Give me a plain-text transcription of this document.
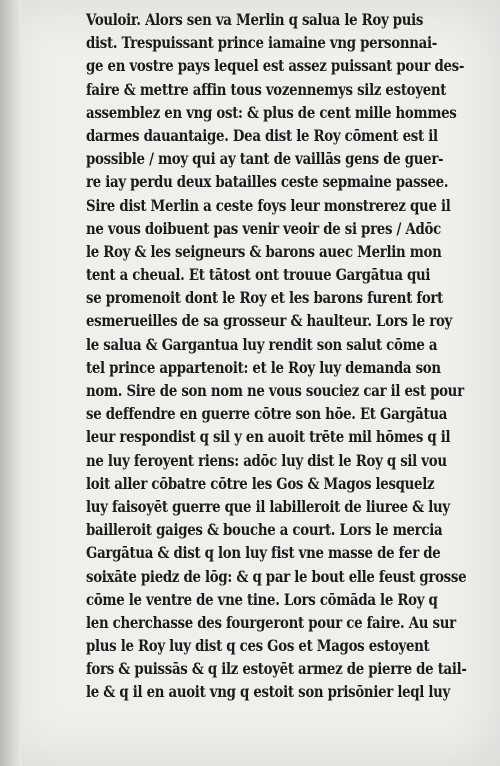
Vouloir. Alors sen va Merlin q salua le Roy puis
dist. Trespuissant prince iamaine vng personnai-
ge en vostre pays lequel est assez puissant pour des-
faire & mettre affin tous vozennemys silz estoyent
assemblez en vng ost: & plus de cent mille hommes
darmes dauantaige. Dea dist le Roy cōment est il
possible / moy qui ay tant de vaillās gens de guer-
re iay perdu deux batailles ceste sepmaine passee.
Sire dist Merlin a ceste foys leur monstrerez que il
ne vous doibuent pas venir veoir de si pres / Adōc
le Roy & les seigneurs & barons auec Merlin mon
tent a cheual. Et tātost ont trouue Gargātua qui
se promenoit dont le Roy et les barons furent fort
esmerueilles de sa grosseur & haulteur. Lors le roy
le salua & Gargantua luy rendit son salut cōme a
tel prince appartenoit: et le Roy luy demanda son
nom. Sire de son nom ne vous souciez car il est pour
se deffendre en guerre cōtre son hōe. Et Gargātua
leur respondist q sil y en auoit trēte mil hōmes q il
ne luy feroyent riens: adōc luy dist le Roy q sil vou
loit aller cōbatre cōtre les Gos & Magos lesquelz
luy faisoyēt guerre que il labilleroit de liuree & luy
bailleroit gaiges & bouche a court. Lors le mercia
Gargātua & dist q lon luy fist vne masse de fer de
soixāte piedz de lōg: & q par le bout elle feust grosse
cōme le ventre de vne tine. Lors cōmāda le Roy q
len cherchasse des fourgeront pour ce faire. Au sur
plus le Roy luy dist q ces Gos et Magos estoyent
fors & puissās & q ilz estoyēt armez de pierre de tail-
le & q il en auoit vng q estoit son prisōnier leql luy
